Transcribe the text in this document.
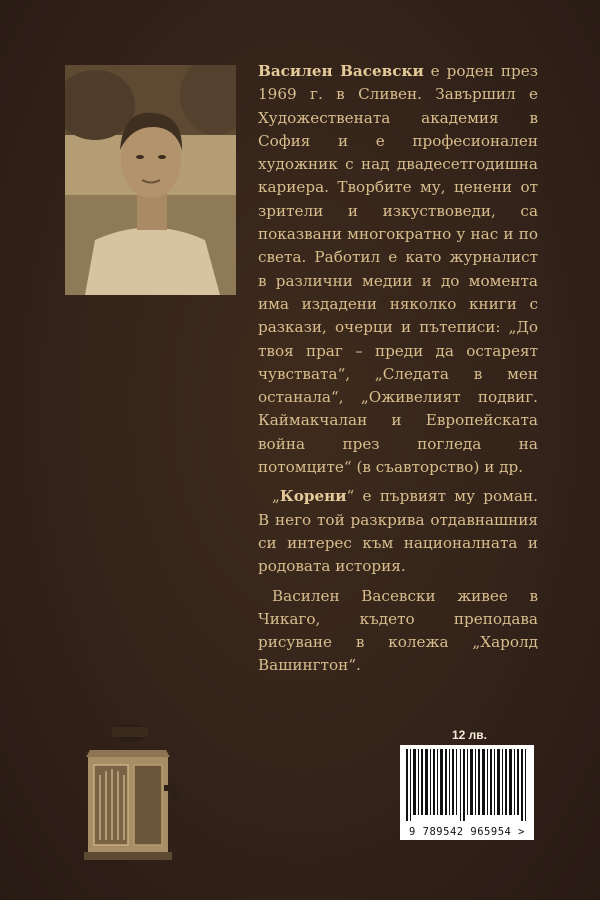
Василен Васевски е роден през 1969 г. в Сливен. Завършил е Художествената академия в София и е професионален художник с над двадесетгодишна кариера. Творбите му, ценени от зрители и изкуствоведи, са показвани многократно у нас и по света. Работил е като журналист в различни медии и до момента има издадени няколко книги с разкази, очерци и пътеписи: „До твоя праг – преди да остареят чувствата“, „Следата в мен останала“, „Оживелият подвиг. Каймакчалан и Европейската война през погледа на потомците“ (в съавторство) и др.

„Корени“ е първият му роман. В него той разкрива отдавнашния си интерес към националната и родовата история.

Василен Васевски живее в Чикаго, където преподава рисуване в колежа „Харолд Вашингтон“.

12 лв.
9 789542 965954 >
